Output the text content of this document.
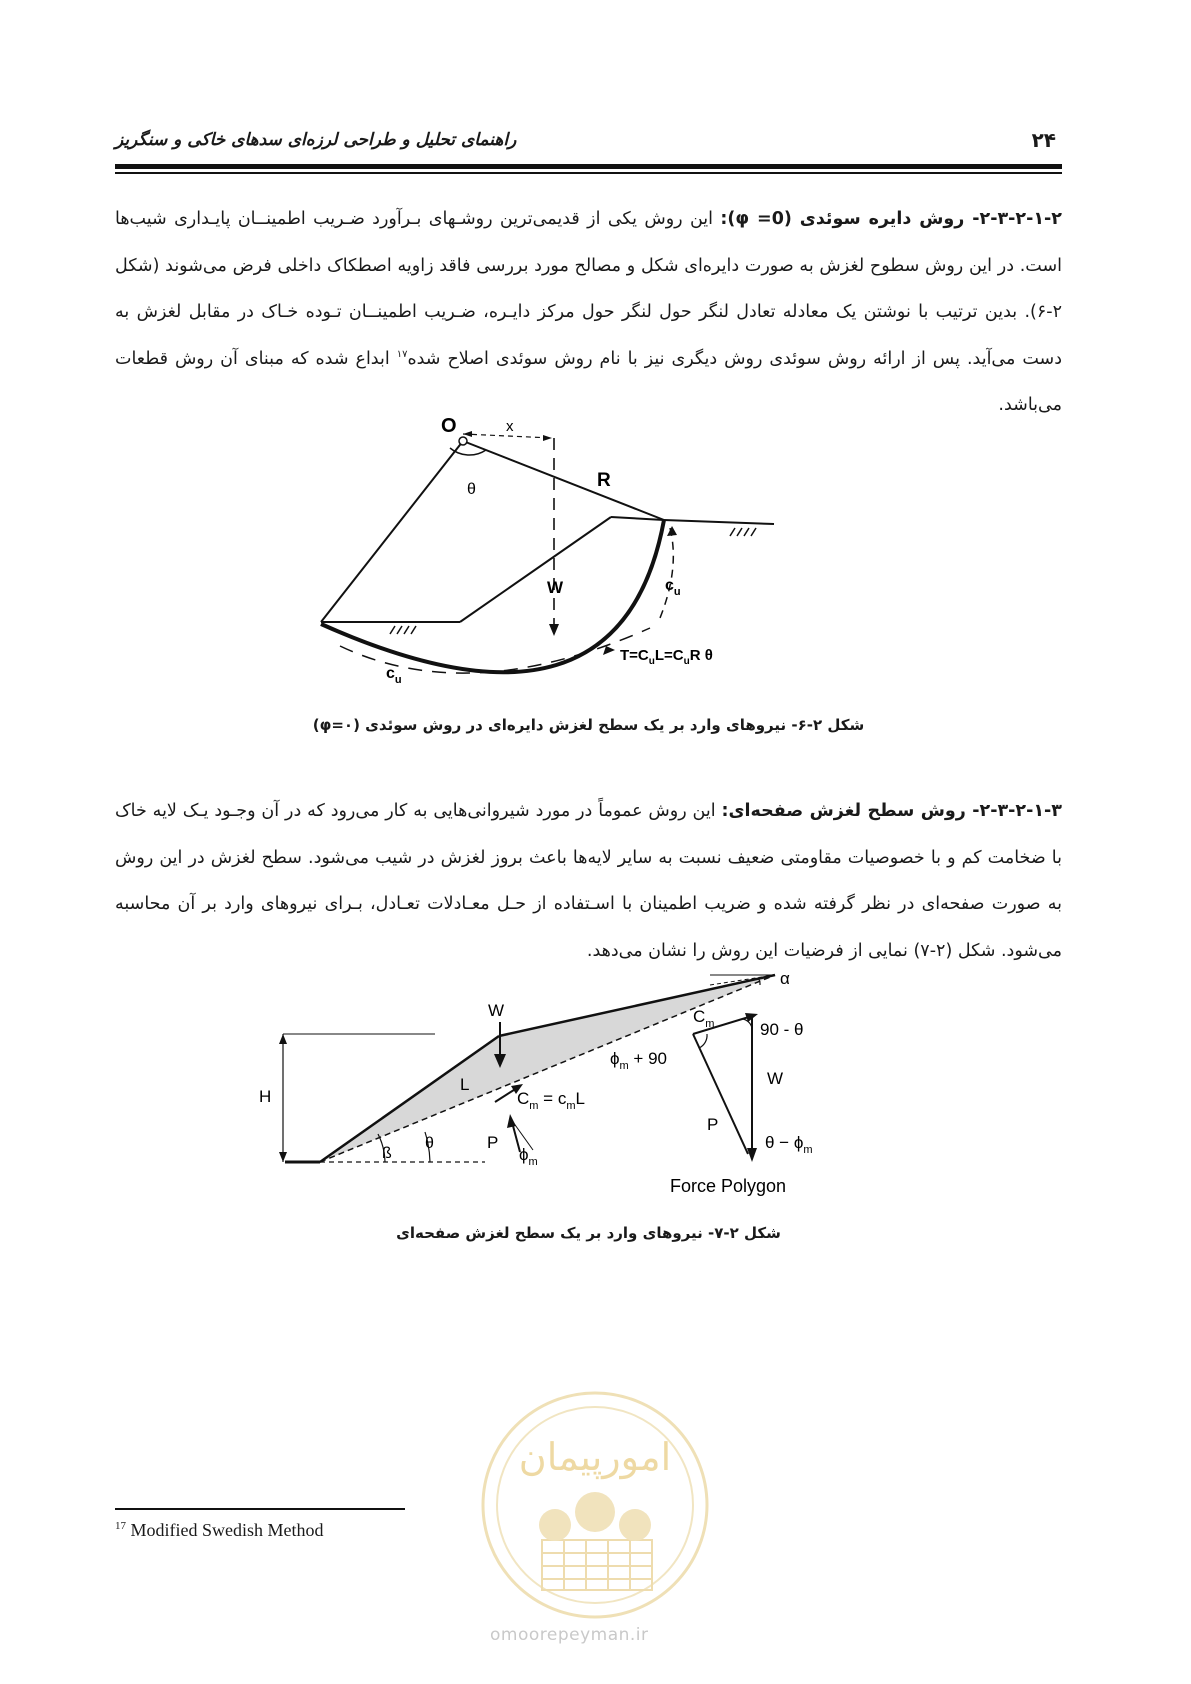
۲۴
راهنمای تحلیل و طراحی لرزه‌ای سدهای خاکی و سنگریز
۲-۳-۲-۱-۲- روش دایره سوئدی (0= φ): این روش یکی از قدیمی‌ترین روشـهای بـرآورد ضـریب اطمینــان پایـداری شیب‌ها است. در این روش سطوح لغزش به صورت دایره‌ای شکل و مصالح مورد بررسی فاقد زاویه اصطکاک داخلی فرض می‌شوند (شکل ۲-۶). بدین ترتیب با نوشتن یک معادله تعادل لنگر حول لنگر حول مرکز دایـره، ضـریب اطمینــان تـوده خـاک در مقابل لغزش به دست می‌آید. پس از ارائه روش سوئدی روش دیگری نیز با نام روش سوئدی اصلاح شده$^{۱۷}$ ابداع شده که مبنای آن روش قطعات می‌باشد.
O	x
θ	R
W	$c_u$
$c_u$
$T=C_uL=C_uR$ θ
شکل ۲-۶- نیروهای وارد بر یک سطح لغزش دایره‌ای در روش سوئدی (φ=۰)
۲-۳-۲-۱-۳- روش سطح لغزش صفحه‌ای: این روش عموماً در مورد شیروانی‌هایی به کار می‌رود که در آن وجـود یـک لایه خاک با ضخامت کم و با خصوصیات مقاومتی ضعیف نسبت به سایر لایه‌ها باعث بروز لغزش در شیب می‌شود. سطح لغزش در این روش به صورت صفحه‌ای در نظر گرفته شده و ضریب اطمینان با اسـتفاده از حـل معـادلات تعـادل، بـرای نیروهای وارد بر آن محاسبه می‌شود. شکل (۲-۷) نمایی از فرضیات این روش را نشان می‌دهد.
α
W	$C_m$	90 - θ
$\phi_m + 90$
W
H
L
$C_m = c_mL$
P
P
$\phi_m$
ß
θ	$\theta - \phi_m$
Force Polygon
شکل ۲-۷- نیروهای وارد بر یک سطح لغزش صفحه‌ای
امورپیمان
omoorepeyman.ir
$^{17}$ Modified Swedish Method
